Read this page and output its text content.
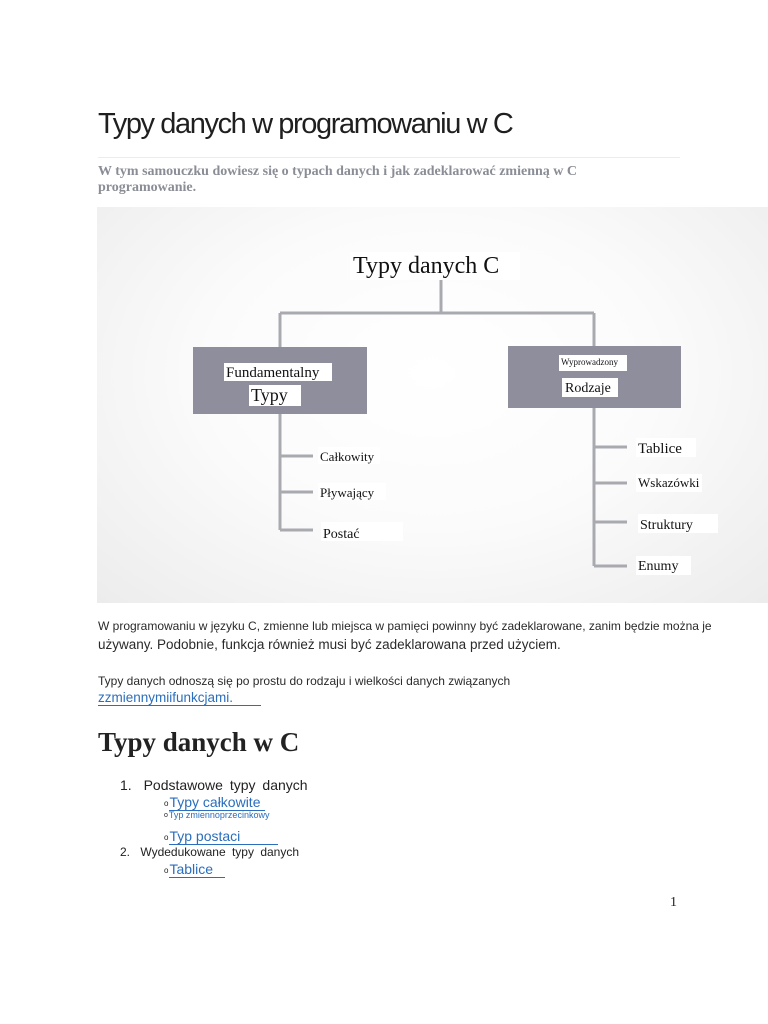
Typy danych w programowaniu w C
W tym samouczku dowiesz się o typach danych i jak zadeklarować zmienną w C programowanie.
Typy danych C
Fundamentalny
Typy
Wyprowadzony
Rodzaje
Całkowity
Pływający
Postać
Tablice
Wskazówki
Struktury
Enumy
W programowaniu w języku C, zmienne lub miejsca w pamięci powinny być zadeklarowane, zanim będzie można je
używany. Podobnie, funkcja również musi być zadeklarowana przed użyciem.
Typy danych odnoszą się po prostu do rodzaju i wielkości danych związanych
zzmiennymiifunkcjami.
Typy danych w C
1. Podstawowe typy danych
oTypy całkowite
oTyp zmiennoprzecinkowy
oTyp postaci
2. Wydedukowane typy danych
oTablice
1
